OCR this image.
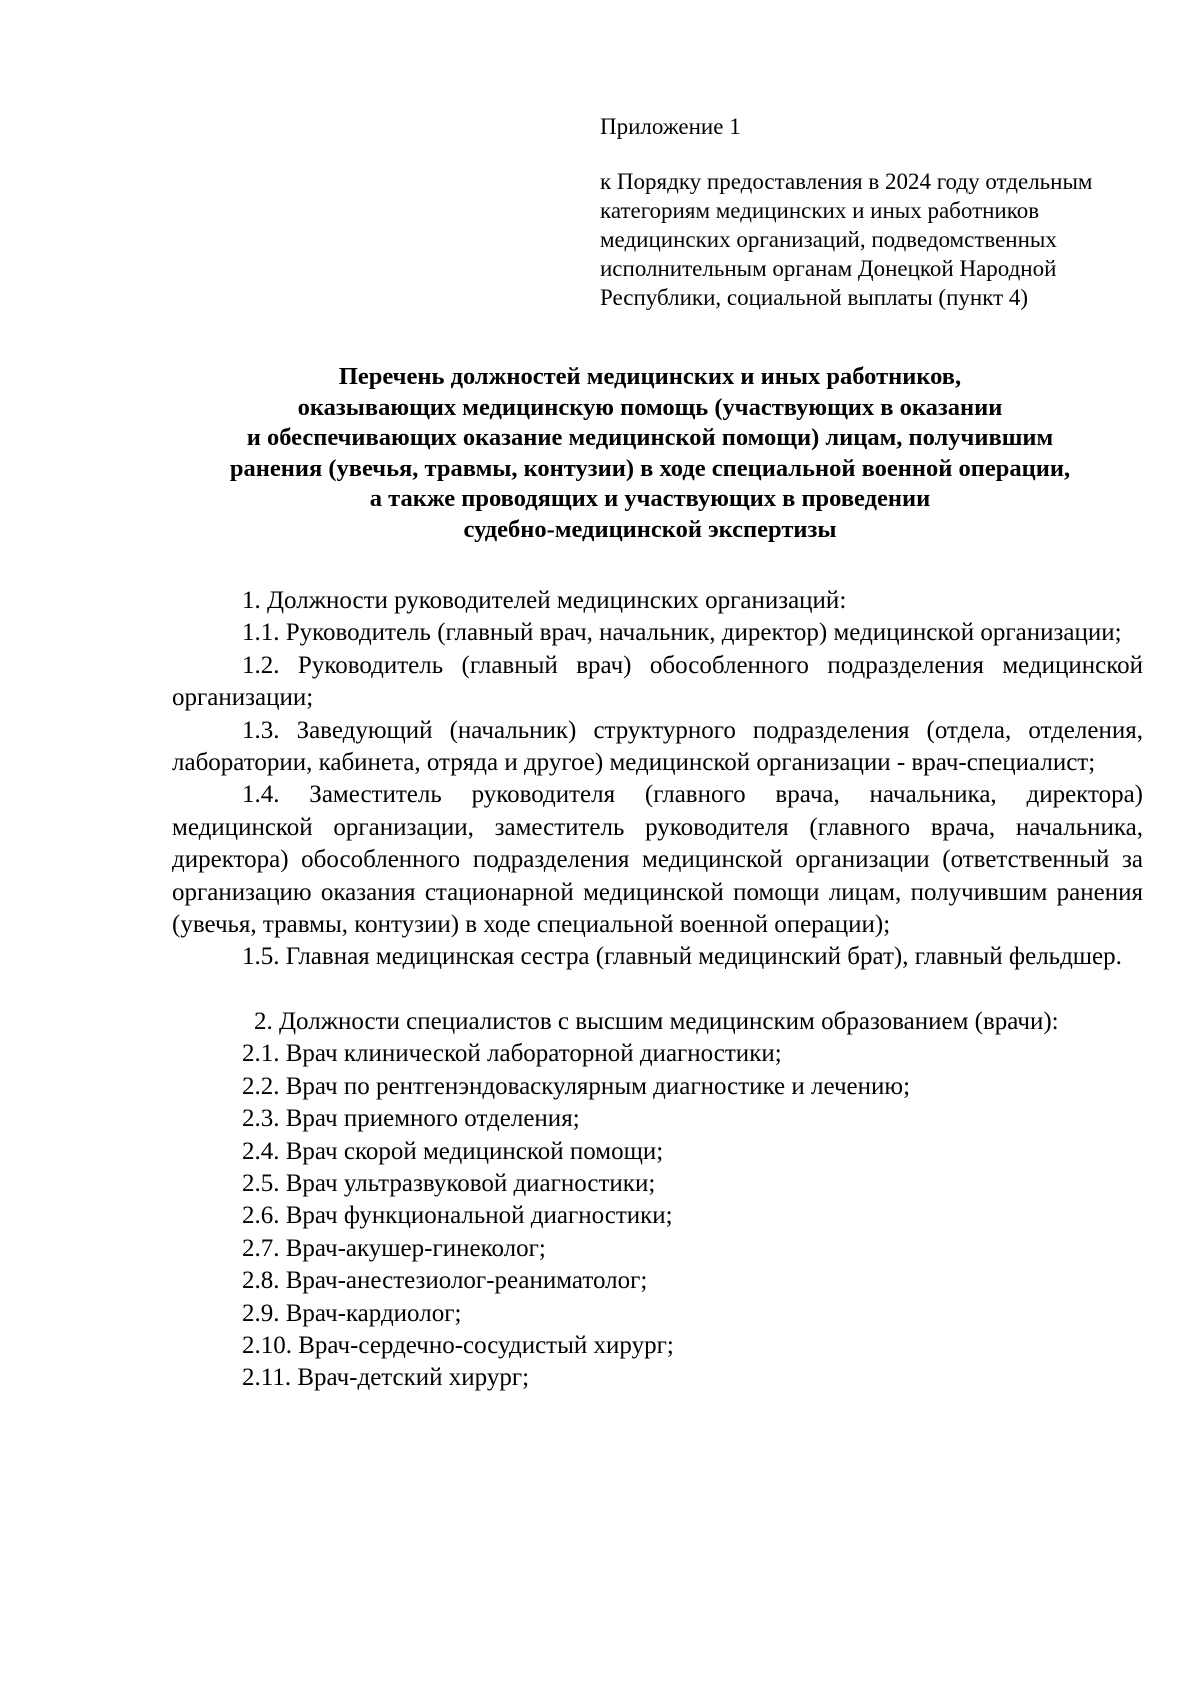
Приложение 1
к Порядку предоставления в 2024 году отдельным
категориям медицинских и иных работников
медицинских организаций, подведомственных
исполнительным органам Донецкой Народной
Республики, социальной выплаты (пункт 4)
Перечень должностей медицинских и иных работников,
оказывающих медицинскую помощь (участвующих в оказании
и обеспечивающих оказание медицинской помощи) лицам, получившим
ранения (увечья, травмы, контузии) в ходе специальной военной операции,
а также проводящих и участвующих в проведении
судебно-медицинской экспертизы

1. Должности руководителей медицинских организаций:

1.1. Руководитель (главный врач, начальник, директор) медицинской организации;

1.2. Руководитель (главный врач) обособленного подразделения медицинской организации;

1.3. Заведующий (начальник) структурного подразделения (отдела, отделения, лаборатории, кабинета, отряда и другое) медицинской организации - врач-специалист;

1.4. Заместитель руководителя (главного врача, начальника, директора) медицинской организации, заместитель руководителя (главного врача, начальника, директора) обособленного подразделения медицинской организации (ответственный за организацию оказания стационарной медицинской помощи лицам, получившим ранения (увечья, травмы, контузии) в ходе специальной военной операции);

1.5. Главная медицинская сестра (главный медицинский брат), главный фельдшер.

2. Должности специалистов с высшим медицинским образованием (врачи):

2.1. Врач клинической лабораторной диагностики;

2.2. Врач по рентгенэндоваскулярным диагностике и лечению;

2.3. Врач приемного отделения;

2.4. Врач скорой медицинской помощи;

2.5. Врач ультразвуковой диагностики;

2.6. Врач функциональной диагностики;

2.7. Врач-акушер-гинеколог;

2.8. Врач-анестезиолог-реаниматолог;

2.9. Врач-кардиолог;

2.10. Врач-сердечно-сосудистый хирург;

2.11. Врач-детский хирург;
